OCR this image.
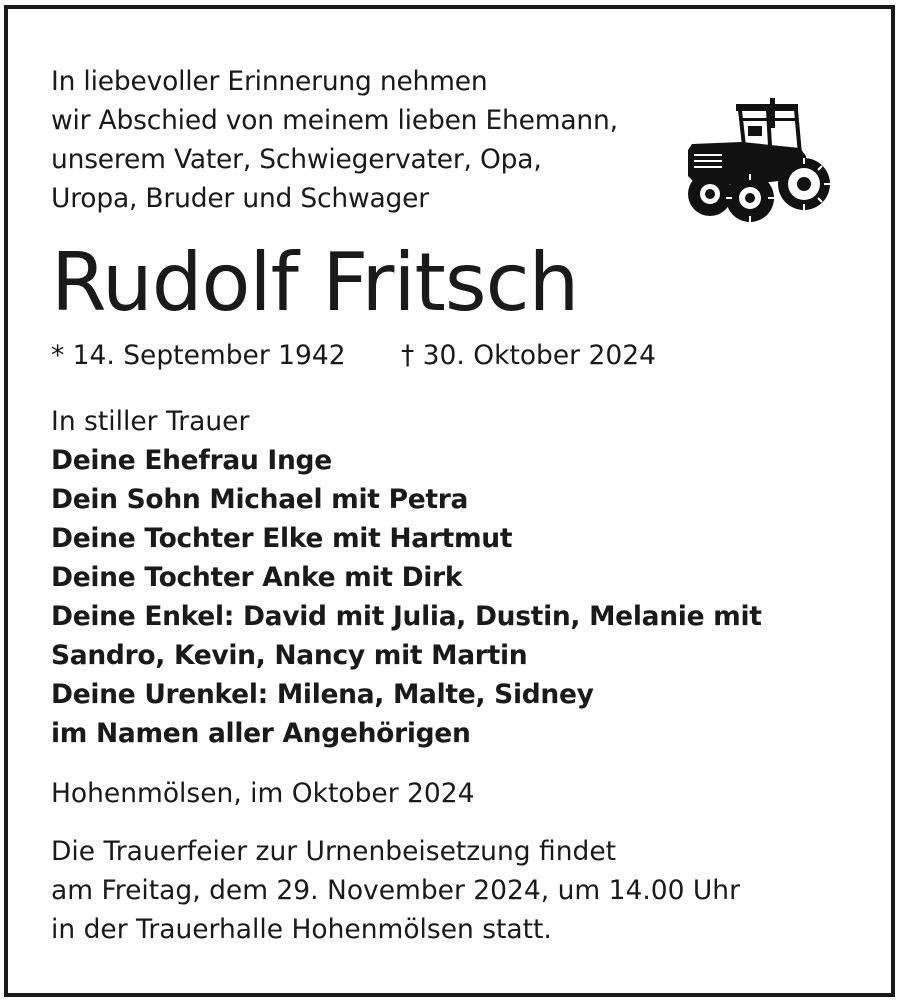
In liebevoller Erinnerung nehmen
wir Abschied von meinem lieben Ehemann,
unserem Vater, Schwiegervater, Opa,
Uropa, Bruder und Schwager
Rudolf Fritsch
* 14. September 1942 † 30. Oktober 2024
In stiller Trauer
Deine Ehefrau Inge
Dein Sohn Michael mit Petra
Deine Tochter Elke mit Hartmut
Deine Tochter Anke mit Dirk
Deine Enkel: David mit Julia, Dustin, Melanie mit
Sandro, Kevin, Nancy mit Martin
Deine Urenkel: Milena, Malte, Sidney
im Namen aller Angehörigen
Hohenmölsen, im Oktober 2024
Die Trauerfeier zur Urnenbeisetzung findet
am Freitag, dem 29. November 2024, um 14.00 Uhr
in der Trauerhalle Hohenmölsen statt.
